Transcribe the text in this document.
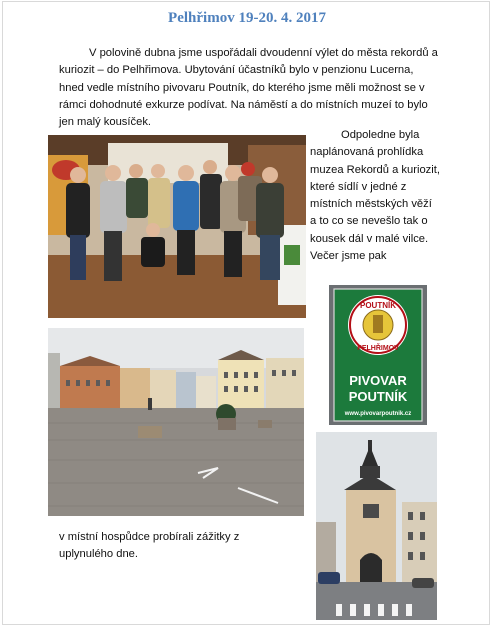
Pelhřimov 19-20. 4. 2017

V polovině dubna jsme uspořádali dvoudenní výlet do města rekordů a kuriozit – do Pelhřimova. Ubytování účastníků bylo v penzionu Lucerna, hned vedle místního pivovaru Poutník, do kterého jsme měli možnost se v rámci dohodnuté exkurze podívat. Na náměstí a do místních muzeí to bylo jen malý kousíček.

Odpoledne byla naplánovaná prohlídka muzea Rekordů a kuriozit, které sídlí v jedné z místních městských věží a to co se nevešlo tak o kousek dál v malé vilce. Večer jsme pak

POUTNÍK
PELHŘIMOV
PIVOVAR
POUTNÍK
www.pivovarpoutnik.cz

v místní hospůdce probírali zážitky z uplynulého dne.
